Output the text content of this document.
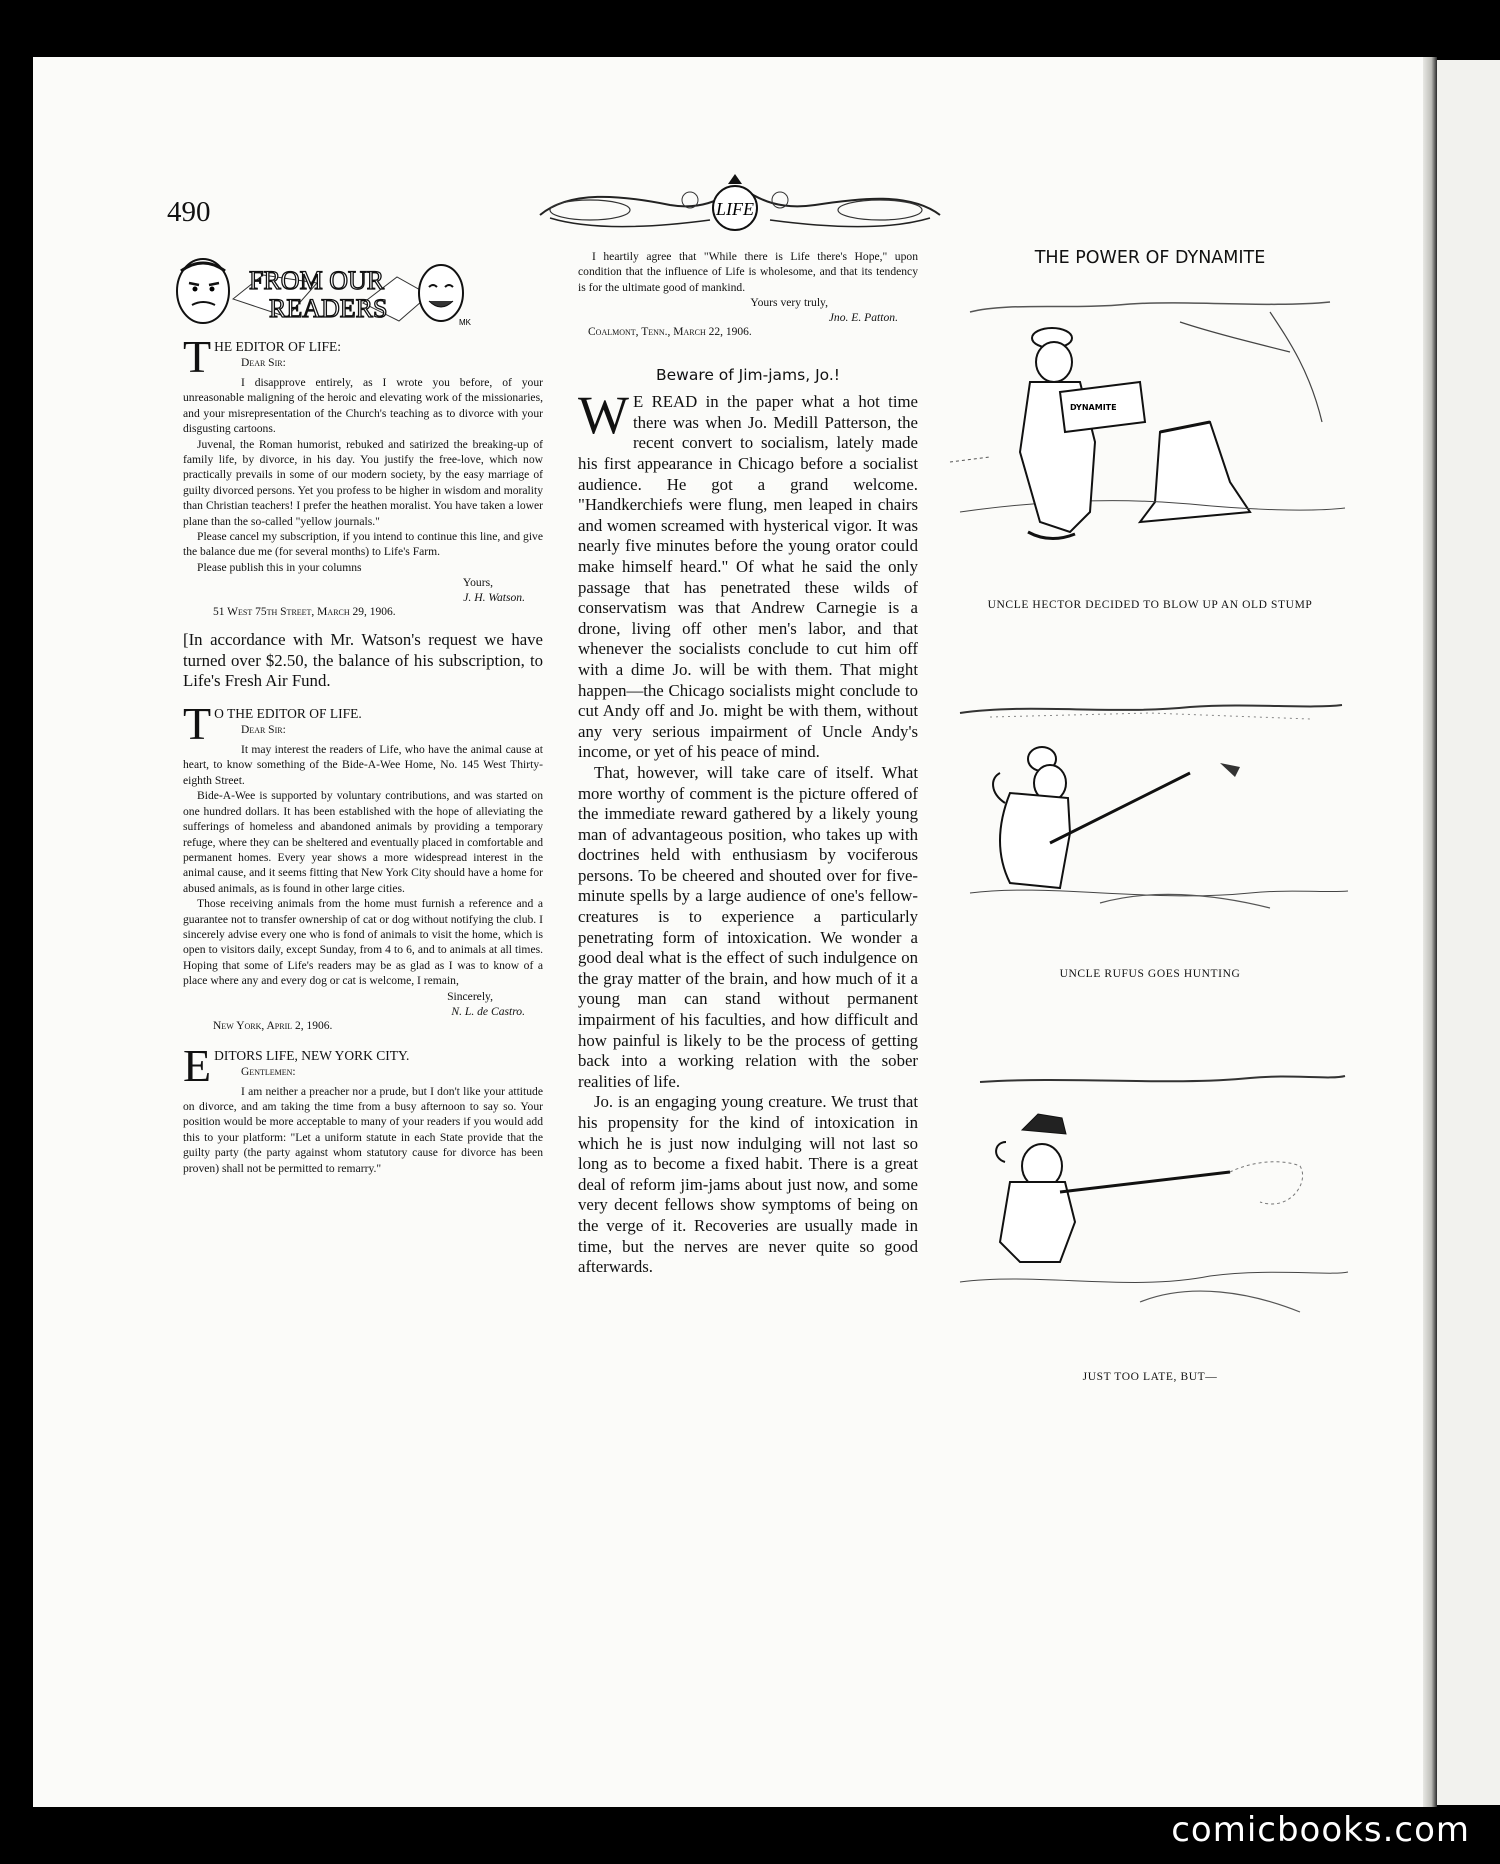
490	LIFE
FROM OUR
READERS	MK
THE EDITOR OF LIFE:
Dear Sir:

I disapprove entirely, as I wrote you before, of your unreasonable maligning of the heroic and elevating work of the missionaries, and your misrepresentation of the Church's teaching as to divorce with your disgusting cartoons.

Juvenal, the Roman humorist, rebuked and satirized the breaking-up of family life, by divorce, in his day. You justify the free-love, which now practically prevails in some of our modern society, by the easy marriage of guilty divorced persons. Yet you profess to be higher in wisdom and morality than Christian teachers! I prefer the heathen moralist. You have taken a lower plane than the so-called "yellow journals."

Please cancel my subscription, if you intend to continue this line, and give the balance due me (for several months) to Life's Farm.

Please publish this in your columns

Yours,
J. H. Watson.
51 West 75th Street, March 29, 1906.
[In accordance with Mr. Watson's request we have turned over $2.50, the balance of his subscription, to Life's Fresh Air Fund.
T O THE EDITOR OF LIFE.
Dear Sir:

It may interest the readers of Life, who have the animal cause at heart, to know something of the Bide-A-Wee Home, No. 145 West Thirty-eighth Street.

Bide-A-Wee is supported by voluntary contributions, and was started on one hundred dollars. It has been established with the hope of alleviating the sufferings of homeless and abandoned animals by providing a temporary refuge, where they can be sheltered and eventually placed in comfortable and permanent homes. Every year shows a more widespread interest in the animal cause, and it seems fitting that New York City should have a home for abused animals, as is found in other large cities.

Those receiving animals from the home must furnish a reference and a guarantee not to transfer ownership of cat or dog without notifying the club. I sincerely advise every one who is fond of animals to visit the home, which is open to visitors daily, except Sunday, from 4 to 6, and to animals at all times. Hoping that some of Life's readers may be as glad as I was to know of a place where any and every dog or cat is welcome, I remain,

Sincerely,
N. L. de Castro.
New York, April 2, 1906.
EDITORS LIFE, NEW YORK CITY.
Gentlemen:

I am neither a preacher nor a prude, but I don't like your attitude on divorce, and am taking the time from a busy afternoon to say so. Your position would be more acceptable to many of your readers if you would add this to your platform: "Let a uniform statute in each State provide that the guilty party (the party against whom statutory cause for divorce has been proven) shall not be permitted to remarry."

I heartily agree that "While there is Life there's Hope," upon condition that the influence of Life is wholesome, and that its tendency is for the ultimate good of mankind.

Yours very truly,
Jno. E. Patton.
Coalmont, Tenn., March 22, 1906.
Beware of Jim-jams, Jo.!
W E READ in the paper what a hot time there was when Jo. Medill Patterson, the recent convert to socialism, lately made his first appearance in Chicago before a socialist audience. He got a grand welcome. "Handkerchiefs were flung, men leaped in chairs and women screamed with hysterical vigor. It was nearly five minutes before the young orator could make himself heard." Of what he said the only passage that has penetrated these wilds of conservatism was that Andrew Carnegie is a drone, living off other men's labor, and that whenever the socialists conclude to cut him off with a dime Jo. will be with them. That might happen—the Chicago socialists might conclude to cut Andy off and Jo. might be with them, without any very serious impairment of Uncle Andy's income, or yet of his peace of mind.

That, however, will take care of itself. What more worthy of comment is the picture offered of the immediate reward gathered by a likely young man of advantageous position, who takes up with doctrines held with enthusiasm by vociferous persons. To be cheered and shouted over for five-minute spells by a large audience of one's fellow-creatures is to experience a particularly penetrating form of intoxication. We wonder a good deal what is the effect of such indulgence on the gray matter of the brain, and how much of it a young man can stand without permanent impairment of his faculties, and how difficult and how painful is likely to be the process of getting back into a working relation with the sober realities of life.

Jo. is an engaging young creature. We trust that his propensity for the kind of intoxication in which he is just now indulging will not last so long as to become a fixed habit. There is a great deal of reform jim-jams about just now, and some very decent fellows show symptoms of being on the verge of it. Recoveries are usually made in time, but the nerves are never quite so good afterwards.

THE POWER OF DYNAMITE
DYNAMITE
UNCLE HECTOR DECIDED TO BLOW UP AN OLD STUMP
UNCLE RUFUS GOES HUNTING
JUST TOO LATE, BUT—
comicbooks.com
